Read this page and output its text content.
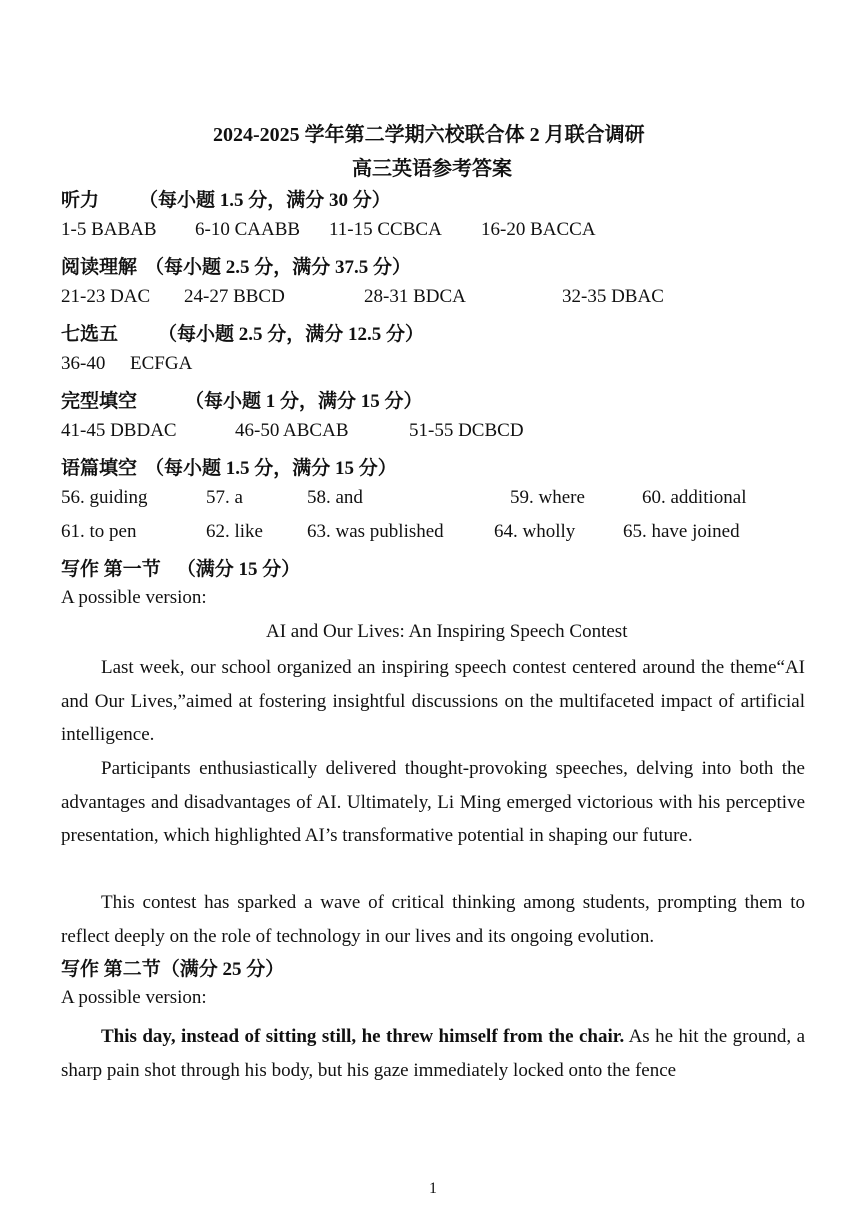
2024-2025 学年第二学期六校联合体 2 月联合调研
高三英语参考答案
听力 （每小题 1.5 分，满分 30 分）
1-5 BABAB 6-10 CAABB 11-15 CCBCA 16-20 BACCA
阅读理解 （每小题 2.5 分，满分 37.5 分）
21-23 DAC 24-27 BBCD	28-31 BDCA	32-35 DBAC
七选五 （每小题 2.5 分，满分 12.5 分）
36-40 ECFGA
完型填空	（每小题 1 分，满分 15 分）
41-45 DBDAC	46-50 ABCAB	51-55 DCBCD
语篇填空 （每小题 1.5 分，满分 15 分）
56. guiding	57. a	58. and	59. where	60. additional
61. to pen	62. like 63. was published	64. wholly	65. have joined
写作 第一节 （满分 15 分）
A possible version:
AI and Our Lives: An Inspiring Speech Contest

Last week, our school organized an inspiring speech contest centered around the theme“AI and Our Lives,”aimed at fostering insightful discussions on the multifaceted impact of artificial intelligence.

Participants enthusiastically delivered thought-provoking speeches, delving into both the advantages and disadvantages of AI. Ultimately, Li Ming emerged victorious with his perceptive presentation, which highlighted AI’s transformative potential in shaping our future.

This contest has sparked a wave of critical thinking among students, prompting them to reflect deeply on the role of technology in our lives and its ongoing evolution.

写作 第二节（满分 25 分）
A possible version:

This day, instead of sitting still, he threw himself from the chair. As he hit the ground, a sharp pain shot through his body, but his gaze immediately locked onto the fence

1
